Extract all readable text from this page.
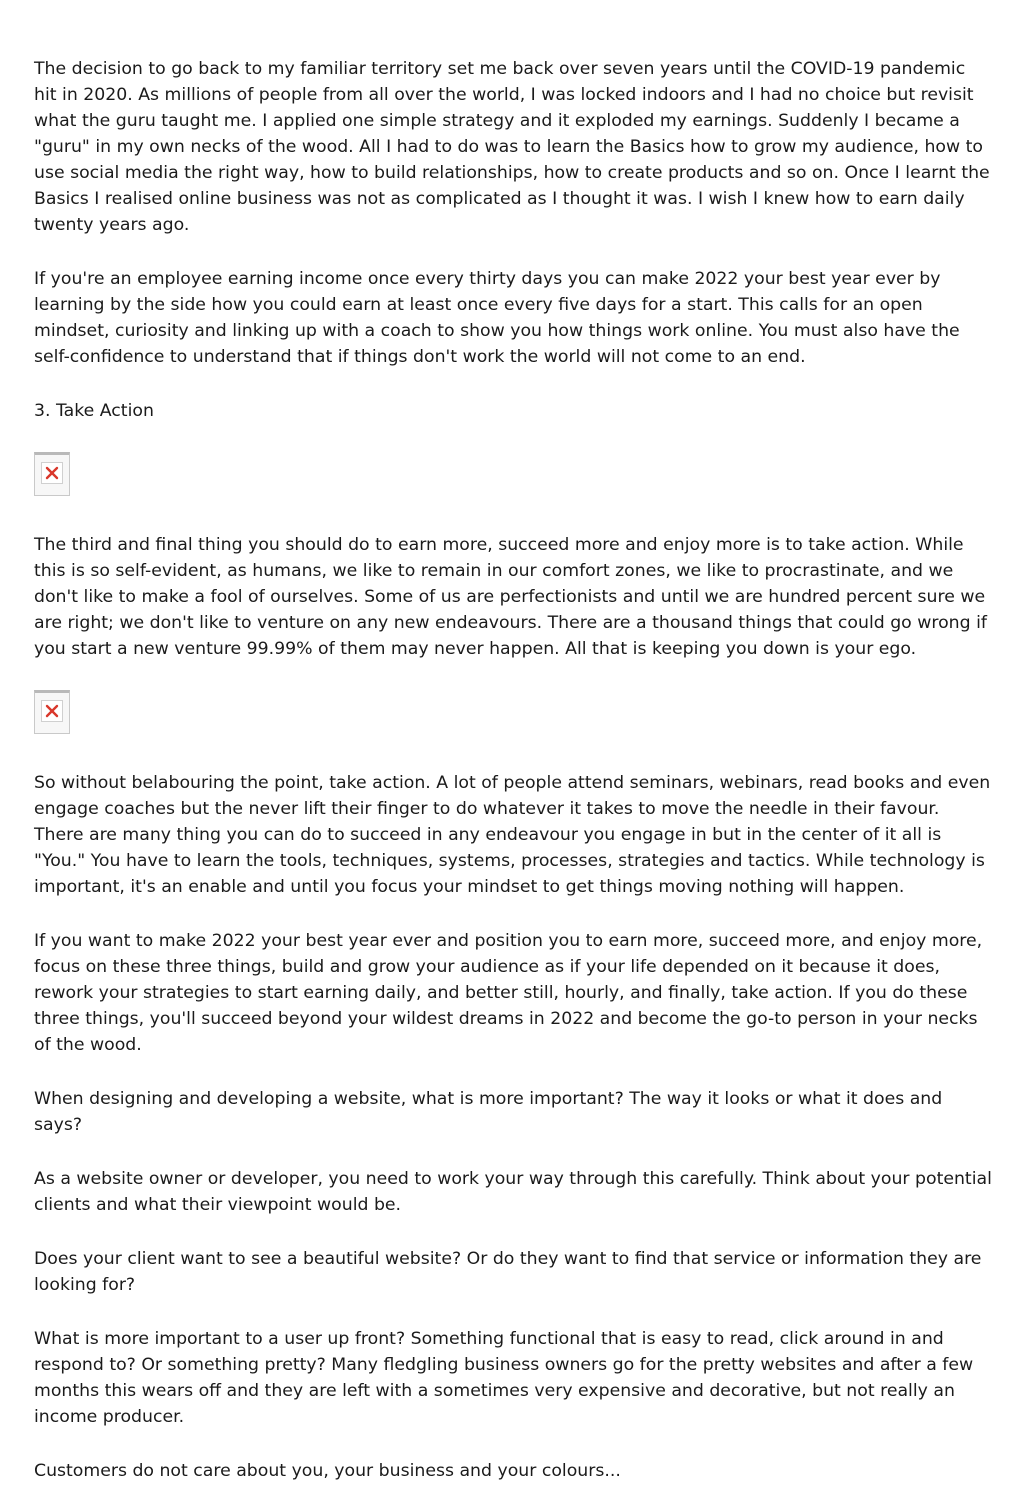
The decision to go back to my familiar territory set me back over seven years until the COVID-19 pandemic hit in 2020. As millions of people from all over the world, I was locked indoors and I had no choice but revisit what the guru taught me. I applied one simple strategy and it exploded my earnings. Suddenly I became a "guru" in my own necks of the wood. All I had to do was to learn the Basics how to grow my audience, how to use social media the right way, how to build relationships, how to create products and so on. Once I learnt the Basics I realised online business was not as complicated as I thought it was. I wish I knew how to earn daily twenty years ago.

If you're an employee earning income once every thirty days you can make 2022 your best year ever by learning by the side how you could earn at least once every five days for a start. This calls for an open mindset, curiosity and linking up with a coach to show you how things work online. You must also have the self-confidence to understand that if things don't work the world will not come to an end.

3. Take Action

The third and final thing you should do to earn more, succeed more and enjoy more is to take action. While this is so self-evident, as humans, we like to remain in our comfort zones, we like to procrastinate, and we don't like to make a fool of ourselves. Some of us are perfectionists and until we are hundred percent sure we are right; we don't like to venture on any new endeavours. There are a thousand things that could go wrong if you start a new venture 99.99% of them may never happen. All that is keeping you down is your ego.

So without belabouring the point, take action. A lot of people attend seminars, webinars, read books and even engage coaches but the never lift their finger to do whatever it takes to move the needle in their favour. There are many thing you can do to succeed in any endeavour you engage in but in the center of it all is "You." You have to learn the tools, techniques, systems, processes, strategies and tactics. While technology is important, it's an enable and until you focus your mindset to get things moving nothing will happen.

If you want to make 2022 your best year ever and position you to earn more, succeed more, and enjoy more, focus on these three things, build and grow your audience as if your life depended on it because it does, rework your strategies to start earning daily, and better still, hourly, and finally, take action. If you do these three things, you'll succeed beyond your wildest dreams in 2022 and become the go-to person in your necks of the wood.

When designing and developing a website, what is more important? The way it looks or what it does and says?

As a website owner or developer, you need to work your way through this carefully. Think about your potential clients and what their viewpoint would be.

Does your client want to see a beautiful website? Or do they want to find that service or information they are looking for?

What is more important to a user up front? Something functional that is easy to read, click around in and respond to? Or something pretty? Many fledgling business owners go for the pretty websites and after a few months this wears off and they are left with a sometimes very expensive and decorative, but not really an income producer.

Customers do not care about you, your business and your colours...
